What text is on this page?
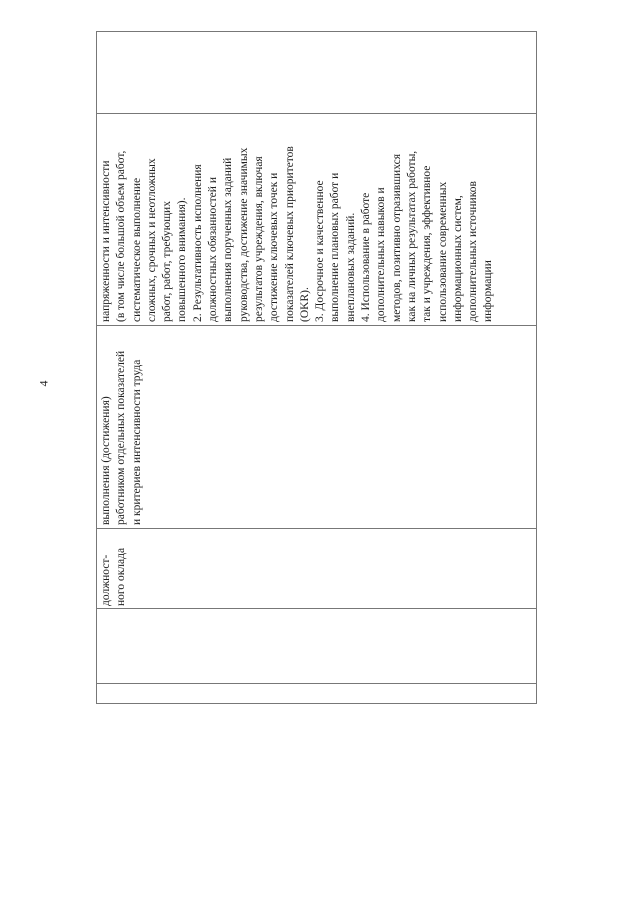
4
должност- ного оклада
выполнения (достижения) работником отдельных показателей и критериев интенсивности труда
напряженности и интенсивности (в том числе большой объем работ, систематическое выполнение сложных, срочных и неотложных работ, работ, требующих повышенного внимания). 2. Результативность исполнения должностных обязанностей и выполнения порученных заданий руководства, достижение значимых результатов учреждения, включая достижение ключевых точек и показателей ключевых приоритетов (OKR). 3. Досрочное и качественное выполнение плановых работ и внеплановых заданий. 4. Использование в работе дополнительных навыков и методов, позитивно отразившихся как на личных результатах работы, так и учреждения, эффективное использование современных информационных систем, дополнительных источников информации
